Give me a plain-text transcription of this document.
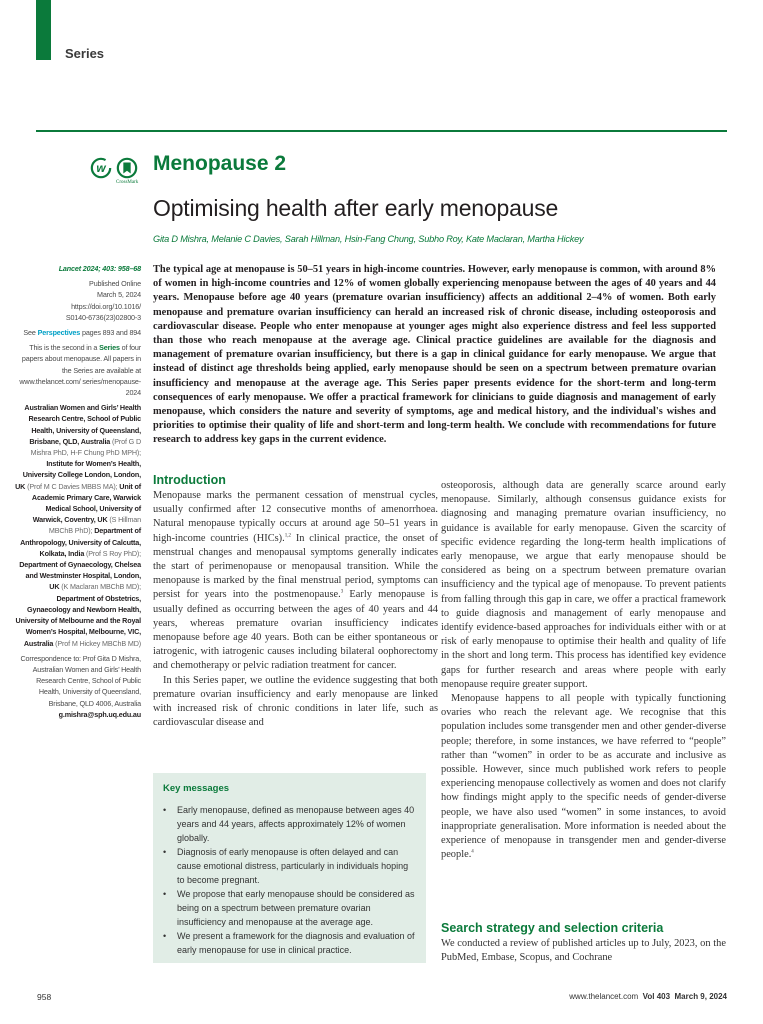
Series
w
CrossMark
Menopause 2
Optimising health after early menopause
Gita D Mishra, Melanie C Davies, Sarah Hillman, Hsin-Fang Chung, Subho Roy, Kate Maclaran, Martha Hickey

Lancet 2024; 403: 958–68

Published Online
March 5, 2024
https://doi.org/10.1016/
S0140-6736(23)02800-3

See Perspectives pages 893 and 894

This is the second in a Series of four papers about menopause. All papers in the Series are available at www.thelancet.com/ series/menopause-2024

Australian Women and Girls’ Health Research Centre, School of Public Health, University of Queensland, Brisbane, QLD, Australia (Prof G D Mishra PhD, H-F Chung PhD MPH); Institute for Women’s Health, University College London, London, UK (Prof M C Davies MBBS MA); Unit of Academic Primary Care, Warwick Medical School, University of Warwick, Coventry, UK (S Hillman MBChB PhD); Department of Anthropology, University of Calcutta, Kolkata, India (Prof S Roy PhD); Department of Gynaecology, Chelsea and Westminster Hospital, London, UK (K Maclaran MBChB MD); Department of Obstetrics, Gynaecology and Newborn Health, University of Melbourne and the Royal Women’s Hospital, Melbourne, VIC, Australia (Prof M Hickey MBChB MD)

Correspondence to: Prof Gita D Mishra, Australian Women and Girls’ Health Research Centre, School of Public Health, University of Queensland, Brisbane, QLD 4006, Australia
g.mishra@sph.uq.edu.au

The typical age at menopause is 50–51 years in high-income countries. However, early menopause is common, with around 8% of women in high-income countries and 12% of women globally experiencing menopause between the ages of 40 years and 44 years. Menopause before age 40 years (premature ovarian insufficiency) affects an additional 2–4% of women. Both early menopause and premature ovarian insufficiency can herald an increased risk of chronic disease, including osteoporosis and cardiovascular disease. People who enter menopause at younger ages might also experience distress and feel less supported than those who reach menopause at the average age. Clinical practice guidelines are available for the diagnosis and management of premature ovarian insufficiency, but there is a gap in clinical guidance for early menopause. We argue that instead of distinct age thresholds being applied, early menopause should be seen on a spectrum between premature ovarian insufficiency and menopause at the average age. This Series paper presents evidence for the short-term and long-term consequences of early menopause. We offer a practical framework for clinicians to guide diagnosis and management of early menopause, which considers the nature and severity of symptoms, age and medical history, and the individual's wishes and priorities to optimise their quality of life and short-term and long-term health. We conclude with recommendations for future research to address key gaps in the current evidence.

Introduction

Menopause marks the permanent cessation of menstrual cycles, usually confirmed after 12 consecutive months of amenorrhoea. Natural menopause typically occurs at around age 50–51 years in high-income countries (HICs).$^{1,2}$ In clinical practice, the onset of menstrual changes and menopausal symptoms generally indicates the start of perimenopause or menopausal transition. While the menopause is marked by the final menstrual period, symptoms can persist for years into the postmenopause.$^3$ Early menopause is usually defined as occurring between the ages of 40 years and 44 years, whereas premature ovarian insufficiency indicates menopause before age 40 years. Both can be either spontaneous or iatrogenic, with iatrogenic causes including bilateral oophorectomy and chemotherapy or pelvic radiation treatment for cancer.

In this Series paper, we outline the evidence suggesting that both premature ovarian insufficiency and early menopause are linked with increased risk of chronic conditions in later life, such as cardiovascular disease and

Key messages
• Early menopause, defined as menopause between ages 40 years and 44 years, affects approximately 12% of women globally.
• Diagnosis of early menopause is often delayed and can cause emotional distress, particularly in individuals hoping to become pregnant.
• We propose that early menopause should be considered as being on a spectrum between premature ovarian insufficiency and menopause at the average age.
• We present a framework for the diagnosis and evaluation of early menopause for use in clinical practice.

osteoporosis, although data are generally scarce around early menopause. Similarly, although consensus guidance exists for diagnosing and managing premature ovarian insufficiency, no guidance is available for early menopause. Given the scarcity of specific evidence regarding the long-term health implications of early menopause, we argue that early menopause should be considered as being on a spectrum between premature ovarian insufficiency and the typical age of menopause. To prevent patients from falling through this gap in care, we offer a practical framework to guide diagnosis and management of early menopause and identify evidence-based approaches for individuals either with or at risk of early menopause to optimise their health and quality of life in the short and long term. This process has identified key evidence gaps for further research and areas where people with early menopause require greater support.

Menopause happens to all people with typically functioning ovaries who reach the relevant age. We recognise that this population includes some transgender men and other gender-diverse people; therefore, in some instances, we have referred to “people” rather than “women” in order to be as accurate and inclusive as possible. However, since much published work refers to people experiencing menopause collectively as women and does not clarify how findings might apply to the specific needs of gender-diverse people, we have also used “women” in some instances, to avoid inappropriate generalisation. More information is needed about the experience of menopause in transgender men and gender-diverse people.$^4$

Search strategy and selection criteria

We conducted a review of published articles up to July, 2023, on the PubMed, Embase, Scopus, and Cochrane

958	www.thelancet.com Vol 403 March 9, 2024
